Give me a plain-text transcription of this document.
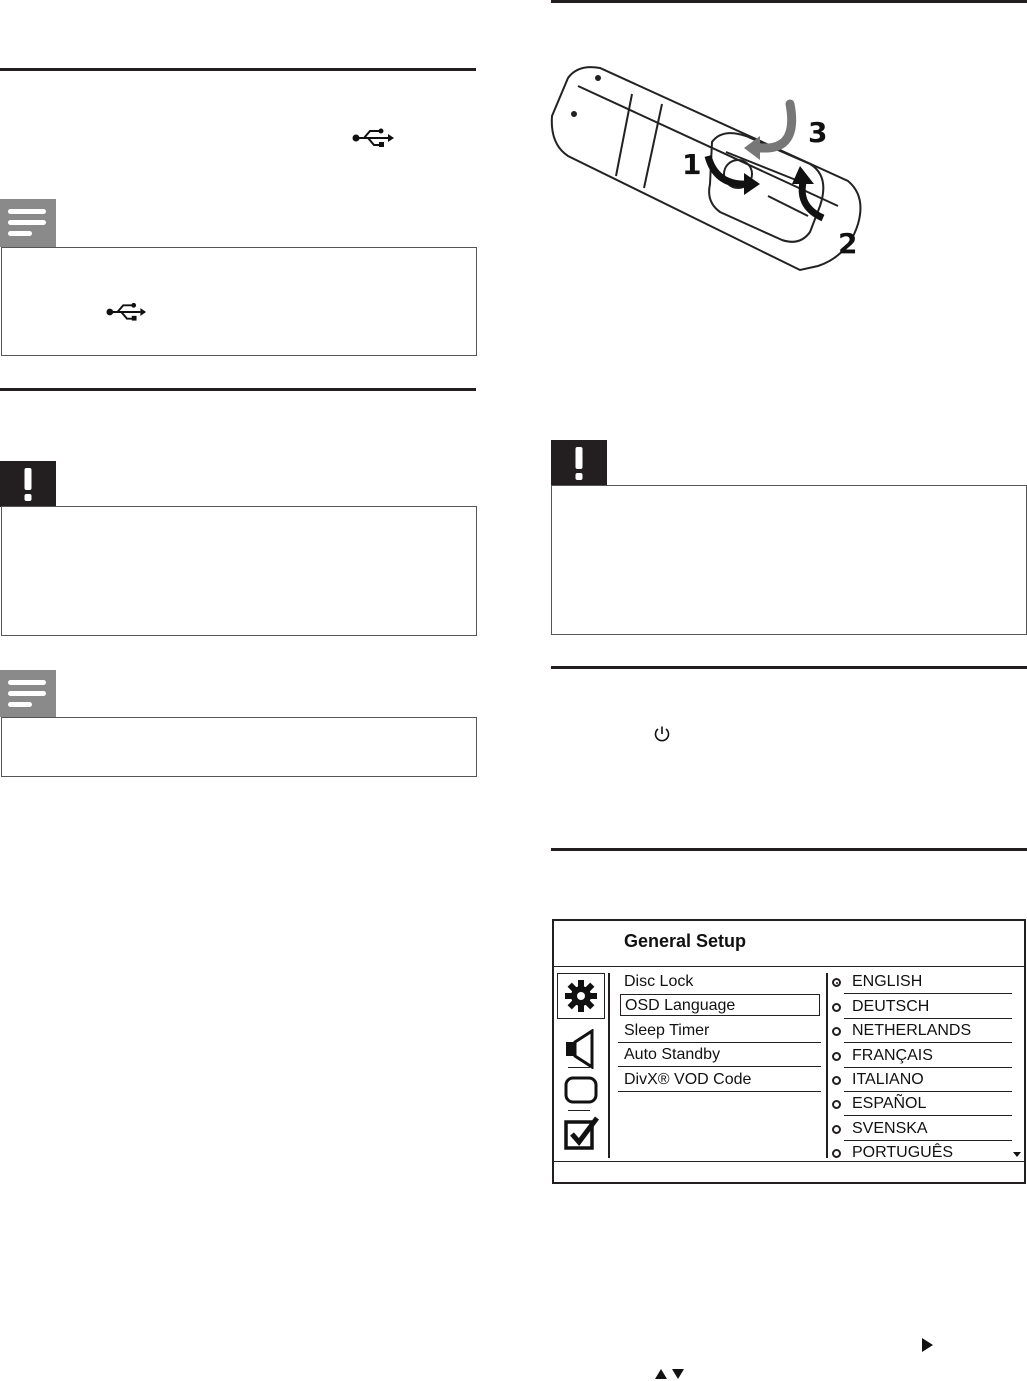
1
2
3
General Setup
Disc Lock
OSD Language
Sleep Timer
Auto Standby
DivX® VOD Code
ENGLISH
DEUTSCH
NETHERLANDS
FRANÇAIS
ITALIANO
ESPAÑOL
SVENSKA
PORTUGUÊS
